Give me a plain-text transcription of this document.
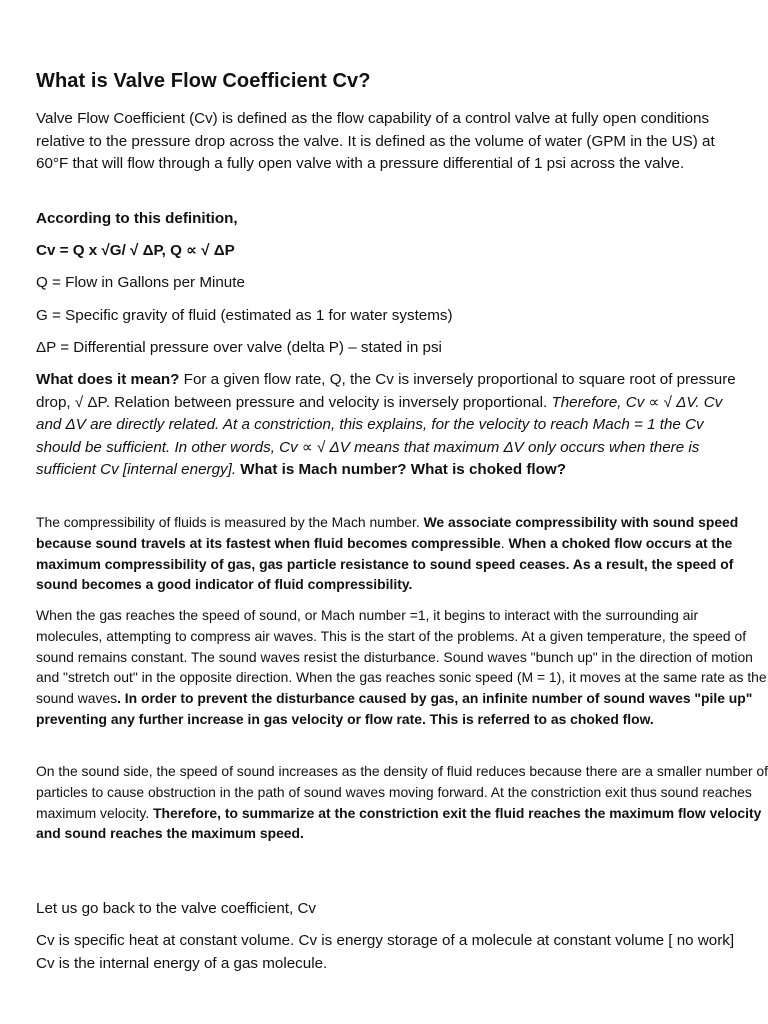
What is Valve Flow Coefficient Cv?

Valve Flow Coefficient (Cv) is defined as the flow capability of a control valve at fully open conditions relative to the pressure drop across the valve. It is defined as the volume of water (GPM in the US) at 60°F that will flow through a fully open valve with a pressure differential of 1 psi across the valve.

According to this definition,

Cv = Q x √G/ √ ΔP, Q ∝ √ ΔP

Q = Flow in Gallons per Minute

G = Specific gravity of fluid (estimated as 1 for water systems)

ΔP = Differential pressure over valve (delta P) – stated in psi

What does it mean? For a given flow rate, Q, the Cv is inversely proportional to square root of pressure drop, √ ΔP. Relation between pressure and velocity is inversely proportional. Therefore, Cv ∝ √ ΔV. Cv and ΔV are directly related. At a constriction, this explains, for the velocity to reach Mach = 1 the Cv should be sufficient. In other words, Cv ∝ √ ΔV means that maximum ΔV only occurs when there is sufficient Cv [internal energy]. What is Mach number? What is choked flow?

The compressibility of fluids is measured by the Mach number. We associate compressibility with sound speed because sound travels at its fastest when fluid becomes compressible. When a choked flow occurs at the maximum compressibility of gas, gas particle resistance to sound speed ceases. As a result, the speed of sound becomes a good indicator of fluid compressibility.

When the gas reaches the speed of sound, or Mach number =1, it begins to interact with the surrounding air molecules, attempting to compress air waves. This is the start of the problems. At a given temperature, the speed of sound remains constant. The sound waves resist the disturbance. Sound waves "bunch up" in the direction of motion and "stretch out" in the opposite direction. When the gas reaches sonic speed (M = 1), it moves at the same rate as the sound waves. In order to prevent the disturbance caused by gas, an infinite number of sound waves "pile up" preventing any further increase in gas velocity or flow rate. This is referred to as choked flow.

On the sound side, the speed of sound increases as the density of fluid reduces because there are a smaller number of particles to cause obstruction in the path of sound waves moving forward. At the constriction exit thus sound reaches maximum velocity. Therefore, to summarize at the constriction exit the fluid reaches the maximum flow velocity and sound reaches the maximum speed.

Let us go back to the valve coefficient, Cv

Cv is specific heat at constant volume. Cv is energy storage of a molecule at constant volume [ no work] Cv is the internal energy of a gas molecule.
